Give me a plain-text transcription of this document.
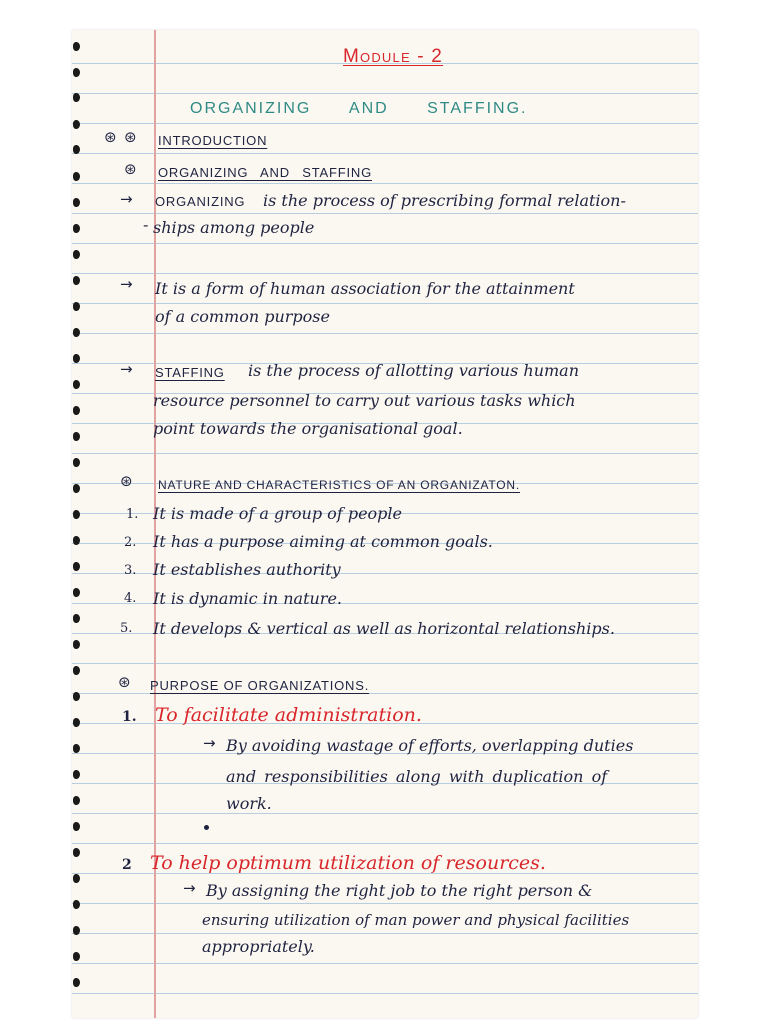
Module - 2

ORGANIZING AND STAFFING.

⊛ ⊛ INTRODUCTION

⊛ ORGANIZING AND STAFFING

→ ORGANIZING is the process of prescribing formal relation-

- ships among people

→ It is a form of human association for the attainment

of a common purpose

→ STAFFING is the process of allotting various human

resource personnel to carry out various tasks which

point towards the organisational goal.

⊛ NATURE AND CHARACTERISTICS OF AN ORGANIZATON.

1. It is made of a group of people

2. It has a purpose aiming at common goals.

3. It establishes authority

4. It is dynamic in nature.

5. It develops & vertical as well as horizontal relationships.

⊛ PURPOSE OF ORGANIZATIONS.

1. To facilitate administration.

→ By avoiding wastage of efforts, overlapping duties

and responsibilities along with duplication of

work.

2 To help optimum utilization of resources.

→ By assigning the right job to the right person &

ensuring utilization of man power and physical facilities

appropriately.
